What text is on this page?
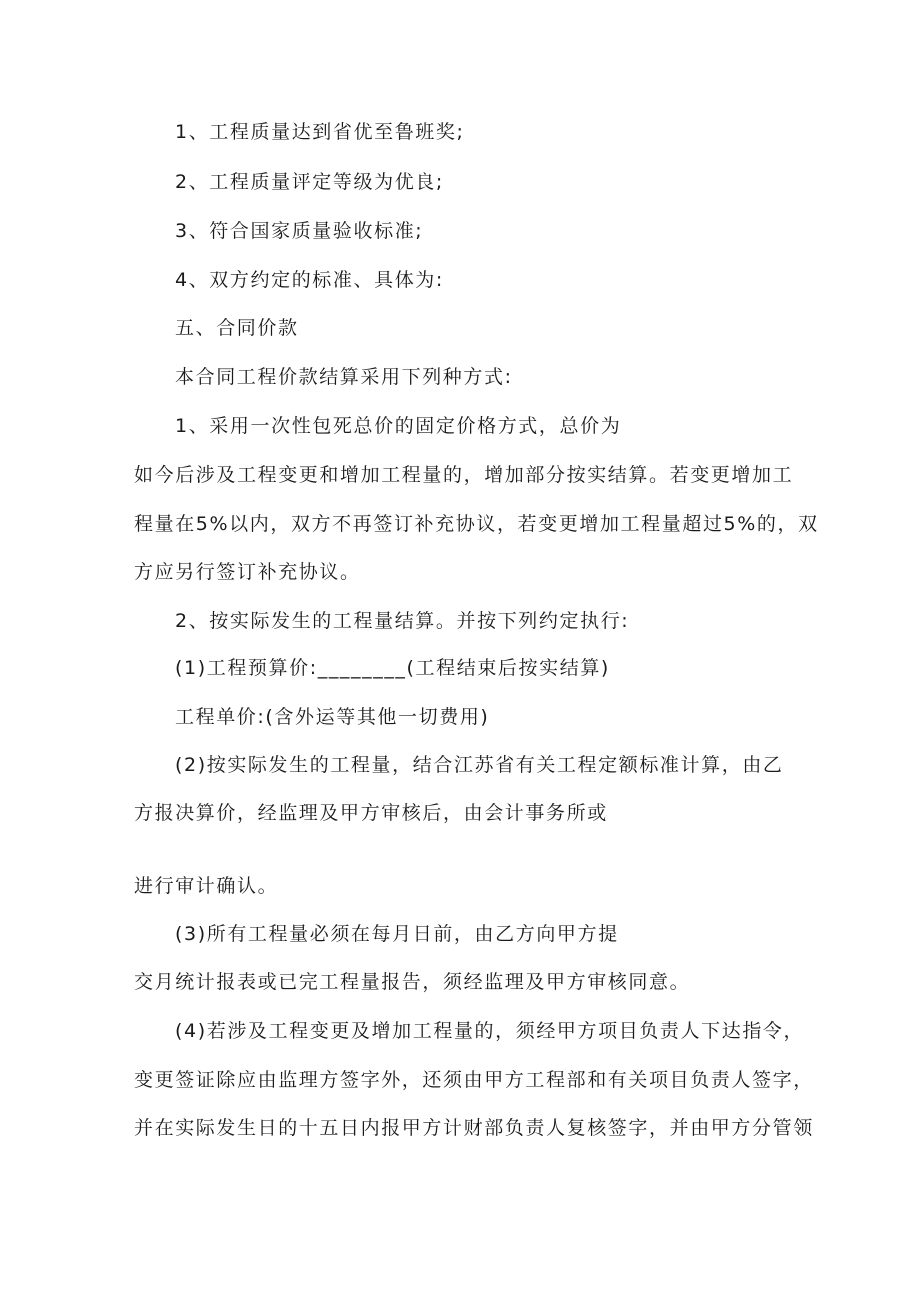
1、工程质量达到省优至鲁班奖;
2、工程质量评定等级为优良;
3、符合国家质量验收标准;
4、双方约定的标准、具体为:
五、合同价款
本合同工程价款结算采用下列种方式:
1、采用一次性包死总价的固定价格方式，总价为
如今后涉及工程变更和增加工程量的，增加部分按实结算。若变更增加工
程量在5%以内，双方不再签订补充协议，若变更增加工程量超过5%的，双
方应另行签订补充协议。
2、按实际发生的工程量结算。并按下列约定执行:
(1)工程预算价:________(工程结束后按实结算)
工程单价:(含外运等其他一切费用)
(2)按实际发生的工程量，结合江苏省有关工程定额标准计算，由乙
方报决算价，经监理及甲方审核后，由会计事务所或
进行审计确认。
(3)所有工程量必须在每月日前，由乙方向甲方提
交月统计报表或已完工程量报告，须经监理及甲方审核同意。
(4)若涉及工程变更及增加工程量的，须经甲方项目负责人下达指令，
变更签证除应由监理方签字外，还须由甲方工程部和有关项目负责人签字，
并在实际发生日的十五日内报甲方计财部负责人复核签字，并由甲方分管领
